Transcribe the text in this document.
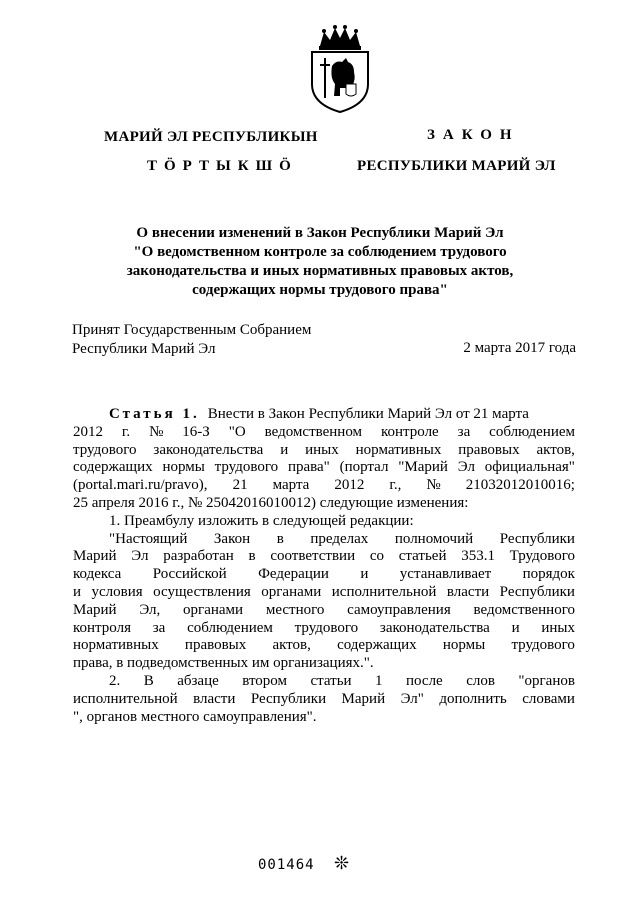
МАРИЙ ЭЛ РЕСПУБЛИКЫН
ТӦРТЫКШӦ
ЗАКОН
РЕСПУБЛИКИ МАРИЙ ЭЛ
О внесении изменений в Закон Республики Марий Эл
"О ведомственном контроле за соблюдением трудового
законодательства и иных нормативных правовых актов,
содержащих нормы трудового права"
Принят Государственным Собранием
Республики Марий Эл	2 марта 2017 года
Статья 1. Внести в Закон Республики Марий Эл от 21 марта
2012 г. № 16-З "О ведомственном контроле за соблюдением
трудового законодательства и иных нормативных правовых актов,
содержащих нормы трудового права" (портал "Марий Эл официальная"
(portal.mari.ru/pravo), 21 марта 2012 г., № 21032012010016;
25 апреля 2016 г., № 25042016010012) следующие изменения:
1. Преамбулу изложить в следующей редакции:
"Настоящий Закон в пределах полномочий Республики
Марий Эл разработан в соответствии со статьей 353.1 Трудового
кодекса Российской Федерации и устанавливает порядок
и условия осуществления органами исполнительной власти Республики
Марий Эл, органами местного самоуправления ведомственного
контроля за соблюдением трудового законодательства и иных
нормативных правовых актов, содержащих нормы трудового
права, в подведомственных им организациях.".
2. В абзаце втором статьи 1 после слов "органов
исполнительной власти Республики Марий Эл" дополнить словами
", органов местного самоуправления".
001464 ❊
